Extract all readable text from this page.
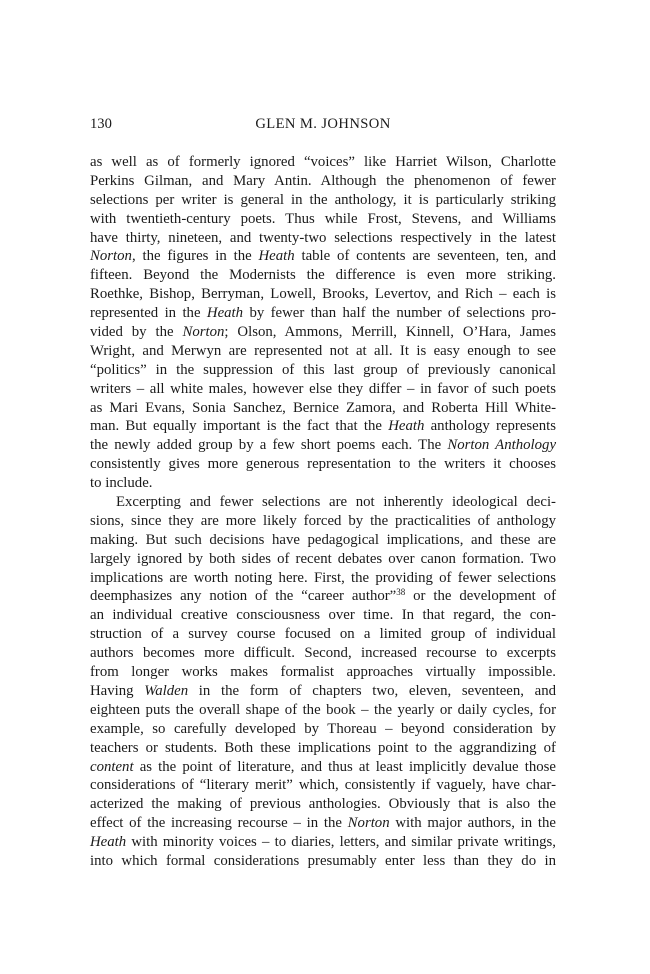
130	GLEN M. JOHNSON
as well as of formerly ignored “voices” like Harriet Wilson, Charlotte
Perkins Gilman, and Mary Antin. Although the phenomenon of fewer
selections per writer is general in the anthology, it is particularly striking
with twentieth-century poets. Thus while Frost, Stevens, and Williams
have thirty, nineteen, and twenty-two selections respectively in the latest
Norton, the figures in the Heath table of contents are seventeen, ten, and
fifteen. Beyond the Modernists the difference is even more striking.
Roethke, Bishop, Berryman, Lowell, Brooks, Levertov, and Rich – each is
represented in the Heath by fewer than half the number of selections pro-
vided by the Norton; Olson, Ammons, Merrill, Kinnell, O’Hara, James
Wright, and Merwyn are represented not at all. It is easy enough to see
“politics” in the suppression of this last group of previously canonical
writers – all white males, however else they differ – in favor of such poets
as Mari Evans, Sonia Sanchez, Bernice Zamora, and Roberta Hill White-
man. But equally important is the fact that the Heath anthology represents
the newly added group by a few short poems each. The Norton Anthology
consistently gives more generous representation to the writers it chooses
to include.
Excerpting and fewer selections are not inherently ideological deci-
sions, since they are more likely forced by the practicalities of anthology
making. But such decisions have pedagogical implications, and these are
largely ignored by both sides of recent debates over canon formation. Two
implications are worth noting here. First, the providing of fewer selections
deemphasizes any notion of the “career author”$^{38}$ or the development of
an individual creative consciousness over time. In that regard, the con-
struction of a survey course focused on a limited group of individual
authors becomes more difficult. Second, increased recourse to excerpts
from longer works makes formalist approaches virtually impossible.
Having Walden in the form of chapters two, eleven, seventeen, and
eighteen puts the overall shape of the book – the yearly or daily cycles, for
example, so carefully developed by Thoreau – beyond consideration by
teachers or students. Both these implications point to the aggrandizing of
content as the point of literature, and thus at least implicitly devalue those
considerations of “literary merit” which, consistently if vaguely, have char-
acterized the making of previous anthologies. Obviously that is also the
effect of the increasing recourse – in the Norton with major authors, in the
Heath with minority voices – to diaries, letters, and similar private writings,
into which formal considerations presumably enter less than they do in
